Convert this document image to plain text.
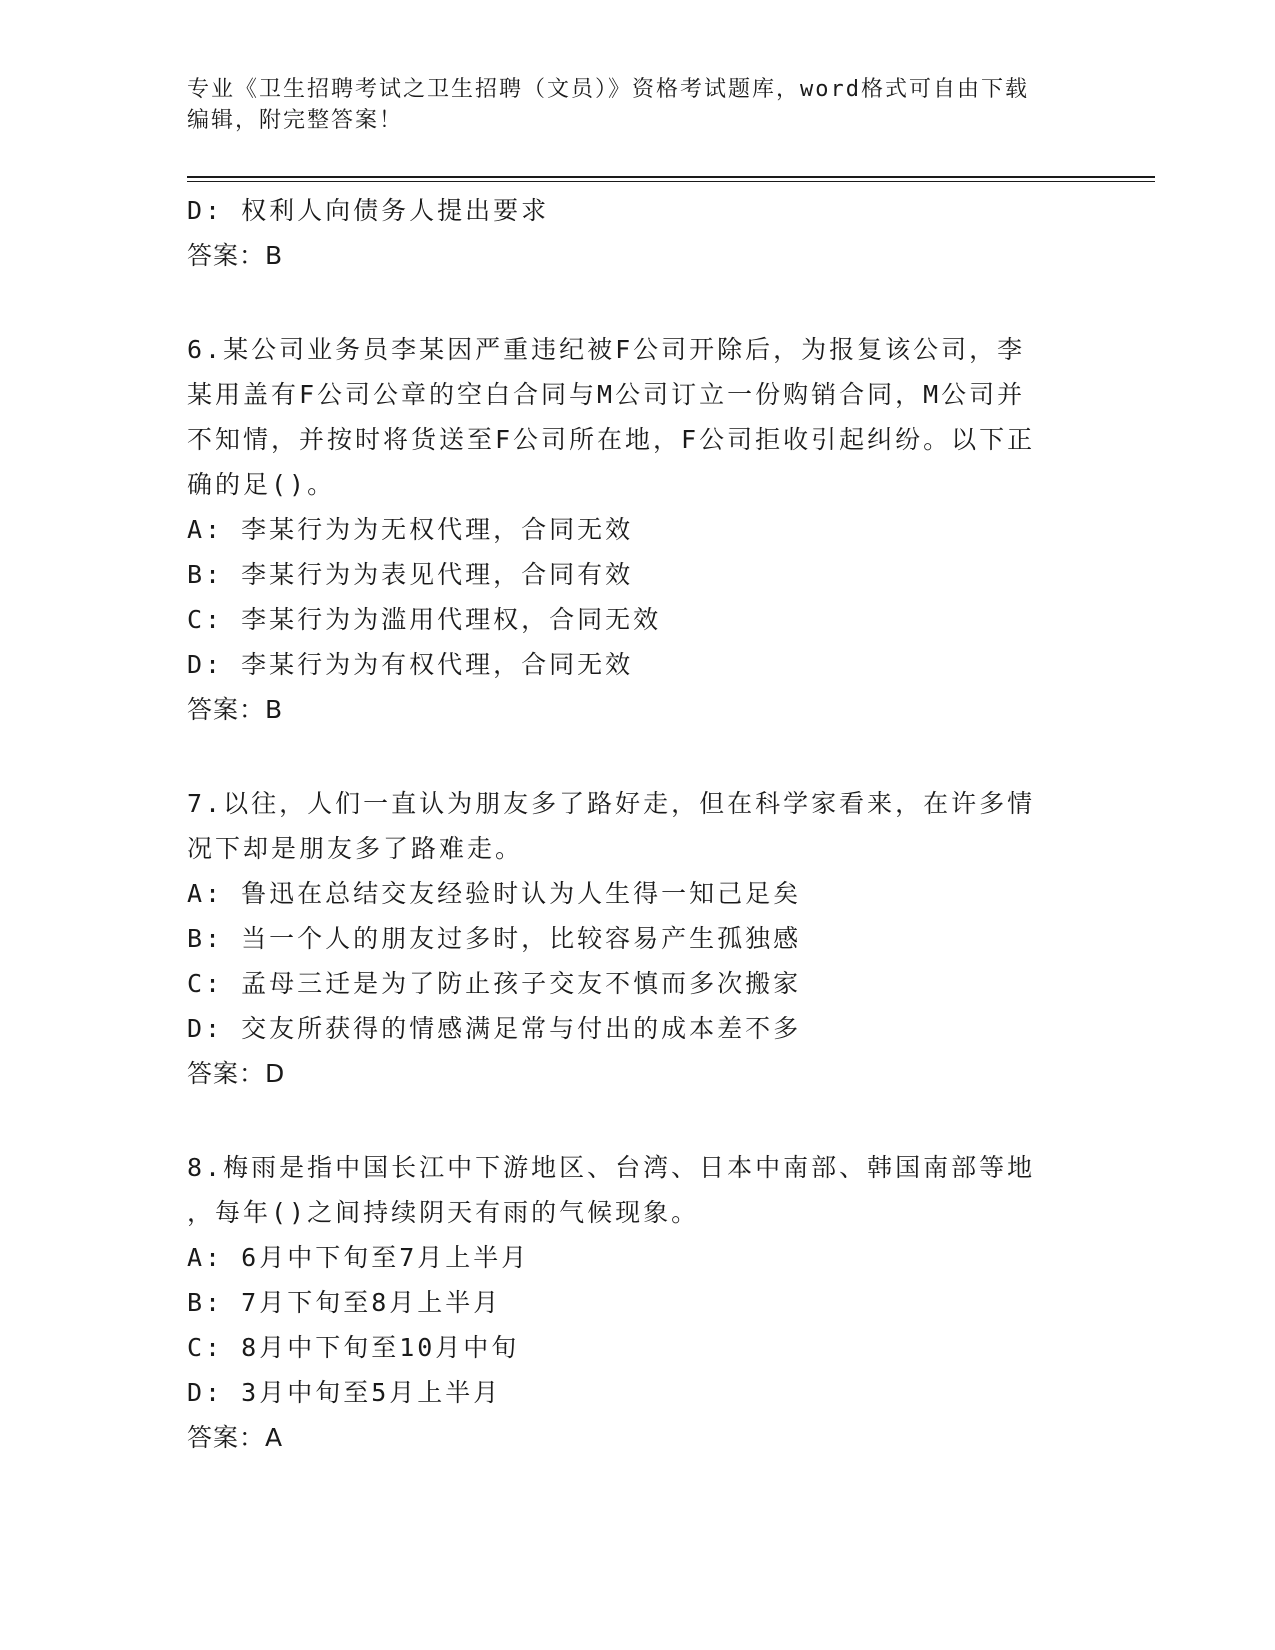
专业《卫生招聘考试之卫生招聘（文员）》资格考试题库，word格式可自由下载
编辑，附完整答案！

D: 权利人向债务人提出要求

答案：B

6.某公司业务员李某因严重违纪被F公司开除后，为报复该公司，李

某用盖有F公司公章的空白合同与M公司订立一份购销合同，M公司并

不知情，并按时将货送至F公司所在地，F公司拒收引起纠纷。以下正

确的足()。

A: 李某行为为无权代理，合同无效

B: 李某行为为表见代理，合同有效

C: 李某行为为滥用代理权，合同无效

D: 李某行为为有权代理，合同无效

答案：B

7.以往，人们一直认为朋友多了路好走，但在科学家看来，在许多情

况下却是朋友多了路难走。

A: 鲁迅在总结交友经验时认为人生得一知己足矣

B: 当一个人的朋友过多时，比较容易产生孤独感

C: 孟母三迁是为了防止孩子交友不慎而多次搬家

D: 交友所获得的情感满足常与付出的成本差不多

答案：D

8.梅雨是指中国长江中下游地区、台湾、日本中南部、韩国南部等地

，每年()之间持续阴天有雨的气候现象。

A: 6月中下旬至7月上半月

B: 7月下旬至8月上半月

C: 8月中下旬至10月中旬

D: 3月中旬至5月上半月

答案：A
